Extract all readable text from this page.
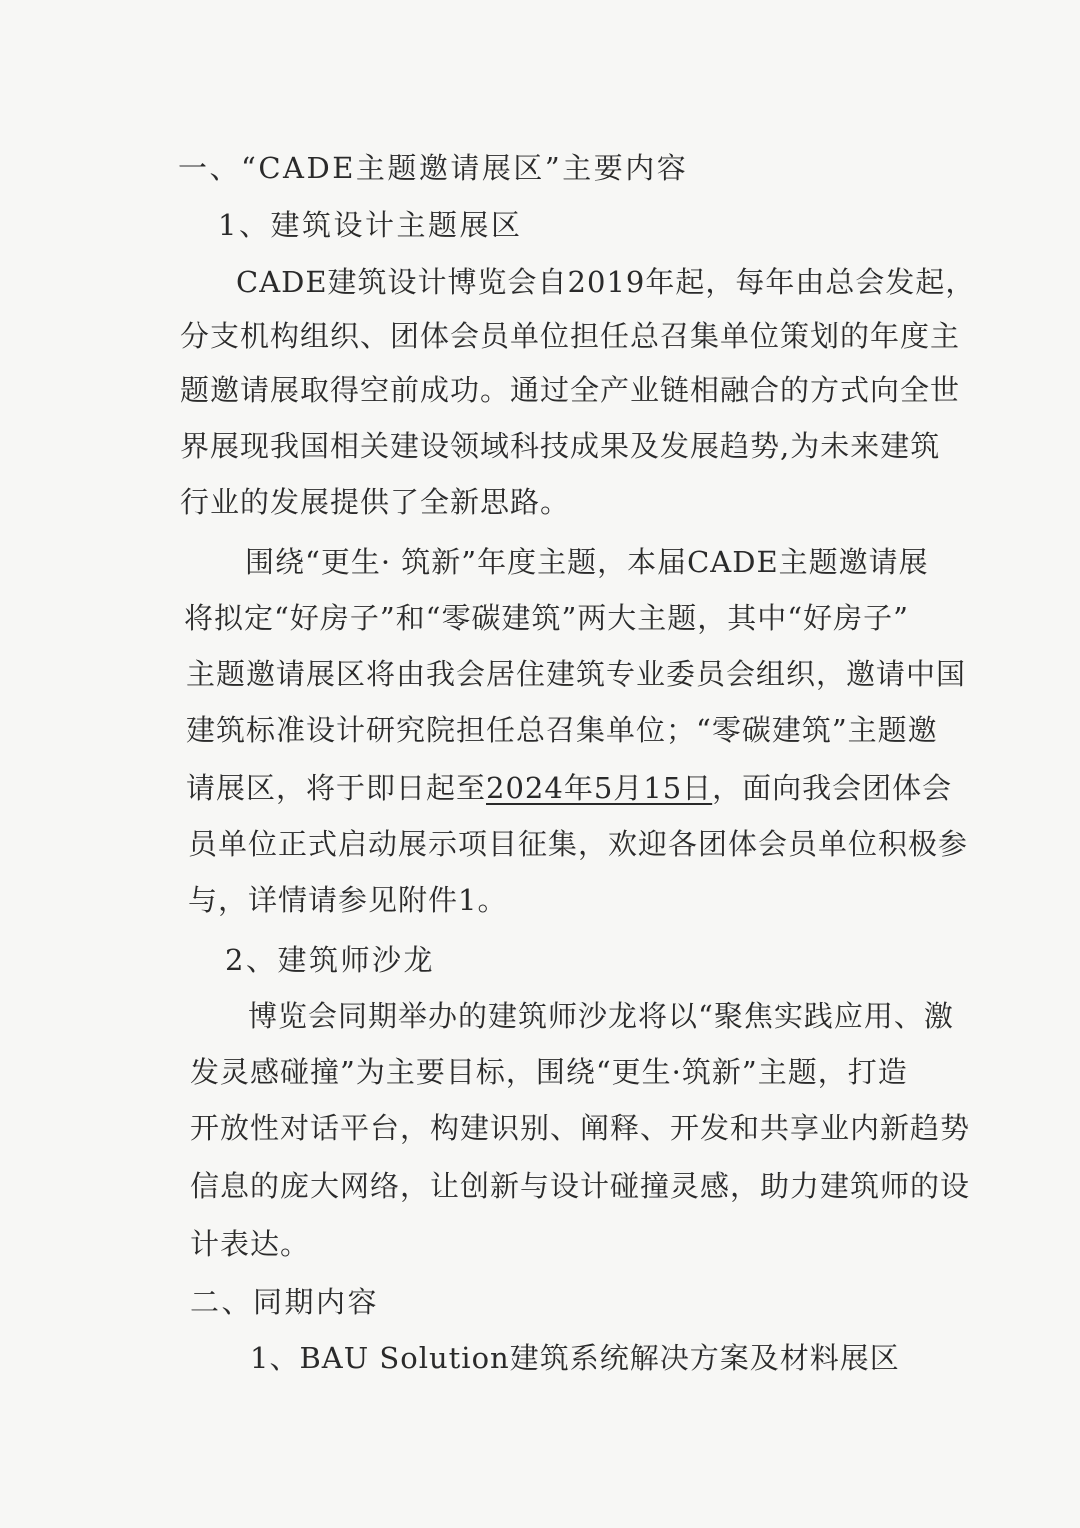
一、“CADE主题邀请展区”主要内容

1、建筑设计主题展区

CADE建筑设计博览会自2019年起，每年由总会发起，

分支机构组织、团体会员单位担任总召集单位策划的年度主

题邀请展取得空前成功。通过全产业链相融合的方式向全世

界展现我国相关建设领域科技成果及发展趋势,为未来建筑

行业的发展提供了全新思路。

围绕“更生· 筑新”年度主题，本届CADE主题邀请展

将拟定“好房子”和“零碳建筑”两大主题，其中“好房子”

主题邀请展区将由我会居住建筑专业委员会组织，邀请中国

建筑标准设计研究院担任总召集单位；“零碳建筑”主题邀

请展区，将于即日起至2024年5月15日，面向我会团体会

员单位正式启动展示项目征集，欢迎各团体会员单位积极参

与，详情请参见附件1。

2、建筑师沙龙

博览会同期举办的建筑师沙龙将以“聚焦实践应用、激

发灵感碰撞”为主要目标，围绕“更生·筑新”主题，打造

开放性对话平台，构建识别、阐释、开发和共享业内新趋势

信息的庞大网络，让创新与设计碰撞灵感，助力建筑师的设

计表达。

二、同期内容

1、BAU Solution建筑系统解决方案及材料展区
